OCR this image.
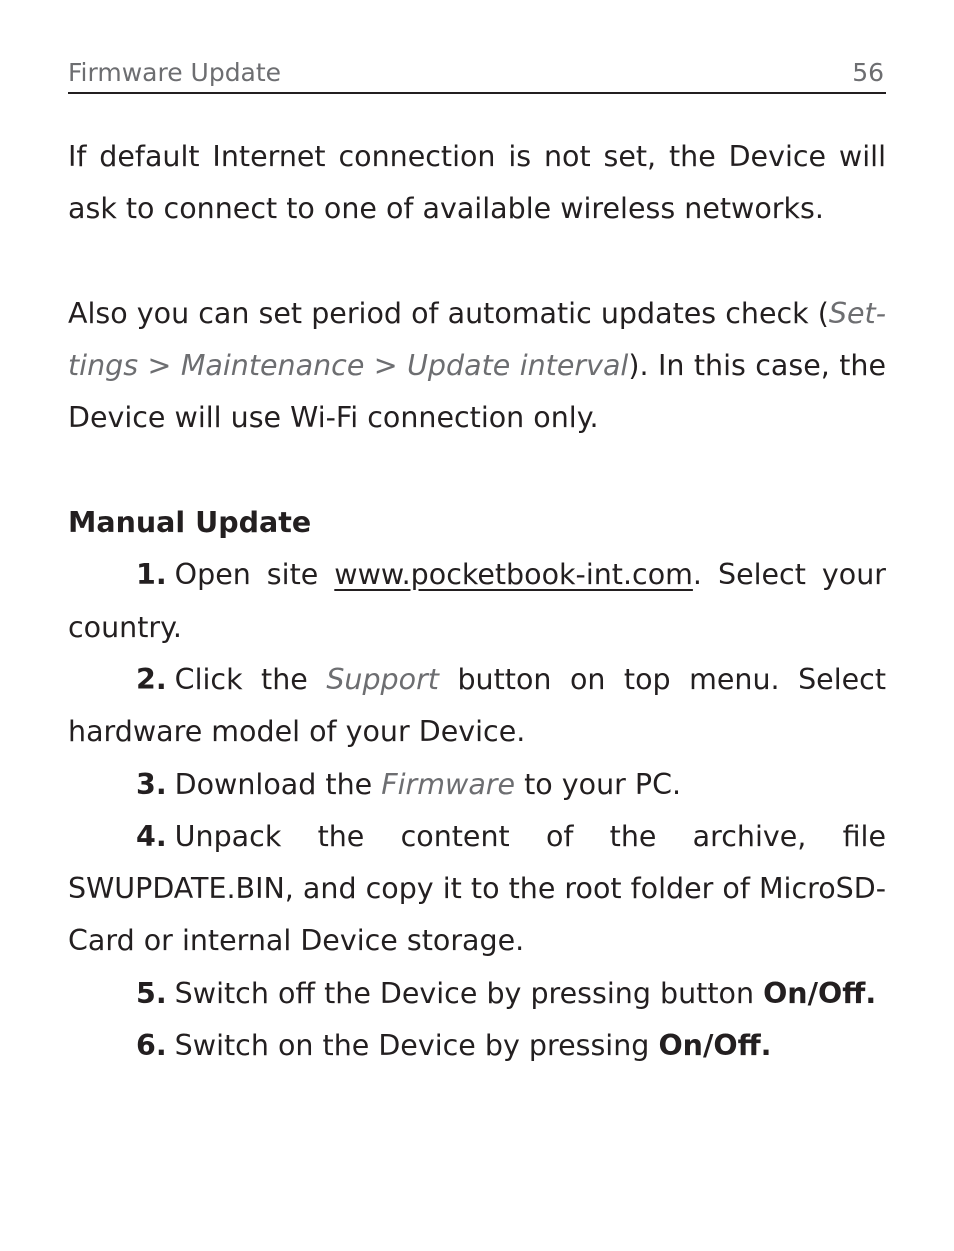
Firmware Update	56

If default Internet connection is not set, the Device will ask to connect to one of available wireless networks.

Also you can set period of automatic updates check (Settings > Maintenance > Update interval). In this case, the Device will use Wi-Fi connection only.

Manual Update

1. Open site www.pocketbook-int.com. Select your country.

2. Click the Support button on top menu. Select hardware model of your Device.

3. Download the Firmware to your PC.

4. Unpack the content of the archive, file SWUPDATE.BIN, and copy it to the root folder of MicroSD-Card or internal Device storage.

5. Switch off the Device by pressing button On/Off.

6. Switch on the Device by pressing On/Off.
